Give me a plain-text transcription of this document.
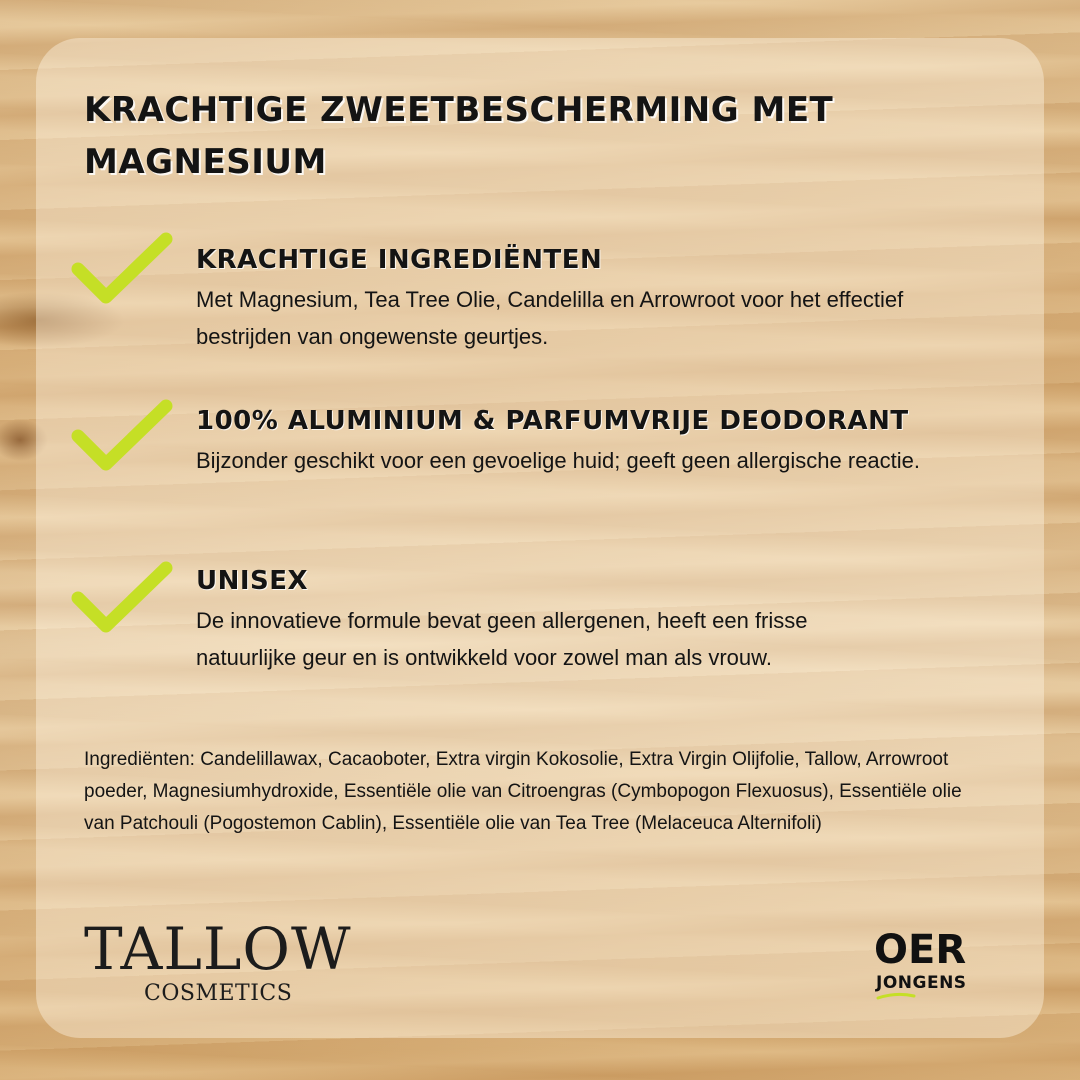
KRACHTIGE ZWEETBESCHERMING MET MAGNESIUM
KRACHTIGE INGREDIËNTEN

Met Magnesium, Tea Tree Olie, Candelilla en Arrowroot voor het effectief bestrijden van ongewenste geurtjes.

100% ALUMINIUM & PARFUMVRIJE DEODORANT

Bijzonder geschikt voor een gevoelige huid; geeft geen allergische reactie.

UNISEX

De innovatieve formule bevat geen allergenen, heeft een frisse natuurlijke geur en is ontwikkeld voor zowel man als vrouw.

Ingrediënten: Candelillawax, Cacaoboter, Extra virgin Kokosolie, Extra Virgin Olijfolie, Tallow, Arrowroot poeder, Magnesiumhydroxide, Essentiële olie van Citroengras (Cymbopogon Flexuosus), Essentiële olie van Patchouli (Pogostemon Cablin), Essentiële olie van Tea Tree (Melaceuca Alternifoli)

TALLOW
COSMETICS
OER
JONGENS
